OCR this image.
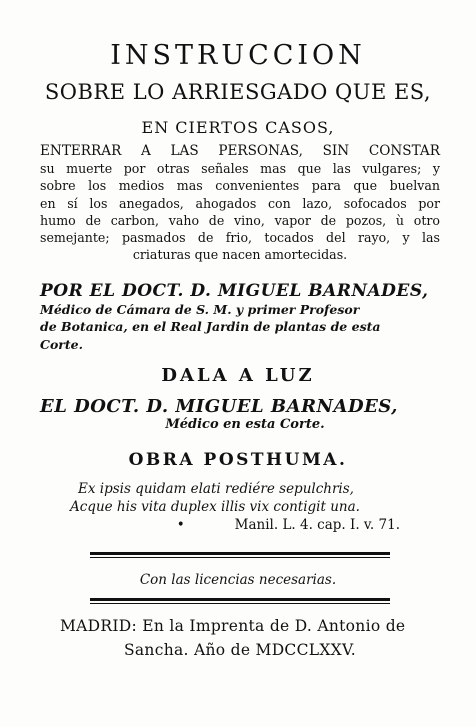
INSTRUCCION
SOBRE LO ARRIESGADO QUE ES,
EN CIERTOS CASOS,
ENTERRAR A LAS PERSONAS, SIN CONSTAR
su muerte por otras señales mas que las vulgares; y
sobre los medios mas convenientes para que buelvan
en sí los anegados, ahogados con lazo, sofocados por
humo de carbon, vaho de vino, vapor de pozos, ù otro
semejante; pasmados de frio, tocados del rayo, y las
criaturas que nacen amortecidas.
POR EL DOCT. D. MIGUEL BARNADES,
Médico de Cámara de S. M. y primer Profesor
de Botanica, en el Real Jardin de plantas de esta
Corte.
DALA A LUZ
EL DOCT. D. MIGUEL BARNADES,
Médico en esta Corte.
OBRA POSTHUMA.
Ex ipsis quidam elati rediére sepulchris,
Acque his vita duplex illis vix contigit una.
•	Manil. L. 4. cap. I. v. 71.
Con las licencias necesarias.
MADRID: En la Imprenta de D. Antonio de
Sancha. Año de MDCCLXXV.
